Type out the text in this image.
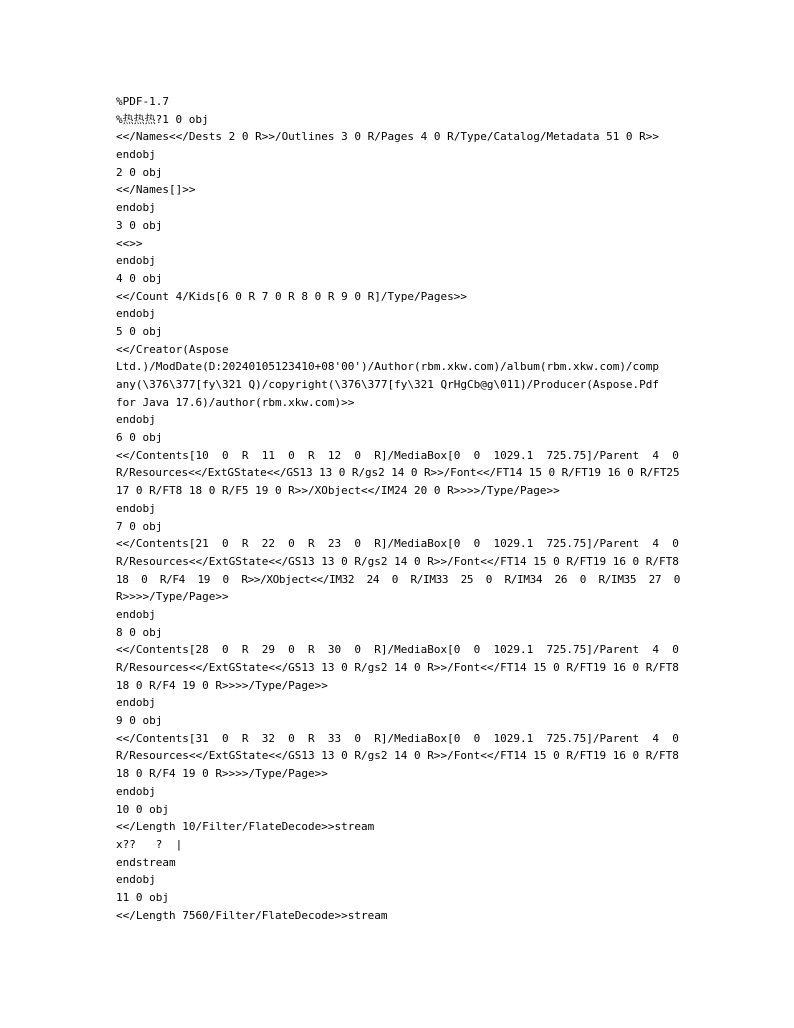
%PDF-1.7
%热热热?1 0 obj
<</Names<</Dests 2 0 R>>/Outlines 3 0 R/Pages 4 0 R/Type/Catalog/Metadata 51 0 R>>
endobj
2 0 obj
<</Names[]>>
endobj
3 0 obj
<<>>
endobj
4 0 obj
<</Count 4/Kids[6 0 R 7 0 R 8 0 R 9 0 R]/Type/Pages>>
endobj
5 0 obj
<</Creator(Aspose
Ltd.)/ModDate(D:20240105123410+08'00')/Author(rbm.xkw.com)/album(rbm.xkw.com)/comp
any(\376\377[fy\321 Q)/copyright(\376\377[fy\321 QrHgCb@g\011)/Producer(Aspose.Pdf
for Java 17.6)/author(rbm.xkw.com)>>
endobj
6 0 obj
<</Contents[10  0  R  11  0  R  12  0  R]/MediaBox[0  0  1029.1  725.75]/Parent  4  0
R/Resources<</ExtGState<</GS13 13 0 R/gs2 14 0 R>>/Font<</FT14 15 0 R/FT19 16 0 R/FT25
17 0 R/FT8 18 0 R/F5 19 0 R>>/XObject<</IM24 20 0 R>>>>/Type/Page>>
endobj
7 0 obj
<</Contents[21  0  R  22  0  R  23  0  R]/MediaBox[0  0  1029.1  725.75]/Parent  4  0
R/Resources<</ExtGState<</GS13 13 0 R/gs2 14 0 R>>/Font<</FT14 15 0 R/FT19 16 0 R/FT8
18  0  R/F4  19  0  R>>/XObject<</IM32  24  0  R/IM33  25  0  R/IM34  26  0  R/IM35  27  0
R>>>>/Type/Page>>
endobj
8 0 obj
<</Contents[28  0  R  29  0  R  30  0  R]/MediaBox[0  0  1029.1  725.75]/Parent  4  0
R/Resources<</ExtGState<</GS13 13 0 R/gs2 14 0 R>>/Font<</FT14 15 0 R/FT19 16 0 R/FT8
18 0 R/F4 19 0 R>>>>/Type/Page>>
endobj
9 0 obj
<</Contents[31  0  R  32  0  R  33  0  R]/MediaBox[0  0  1029.1  725.75]/Parent  4  0
R/Resources<</ExtGState<</GS13 13 0 R/gs2 14 0 R>>/Font<</FT14 15 0 R/FT19 16 0 R/FT8
18 0 R/F4 19 0 R>>>>/Type/Page>>
endobj
10 0 obj
<</Length 10/Filter/FlateDecode>>stream
x??   ?  |
endstream
endobj
11 0 obj
<</Length 7560/Filter/FlateDecode>>stream
